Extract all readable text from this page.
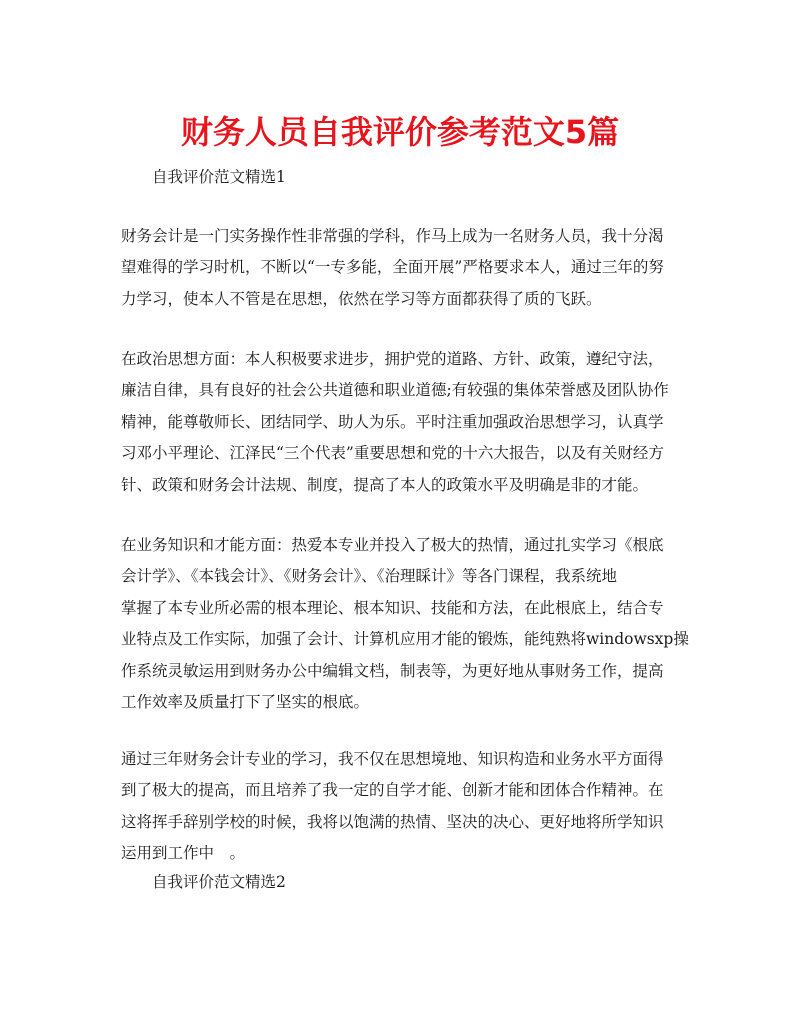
财务人员自我评价参考范文5篇
自我评价范文精选1
财务会计是一门实务操作性非常强的学科，作马上成为一名财务人员，我十分渴
望难得的学习时机，不断以“一专多能，全面开展”严格要求本人，通过三年的努
力学习，使本人不管是在思想，依然在学习等方面都获得了质的飞跃。
在政治思想方面：本人积极要求进步，拥护党的道路、方针、政策，遵纪守法，
廉洁自律，具有良好的社会公共道德和职业道德;有较强的集体荣誉感及团队协作
精神，能尊敬师长、团结同学、助人为乐。平时注重加强政治思想学习，认真学
习邓小平理论、江泽民“三个代表”重要思想和党的十六大报告，以及有关财经方
针、政策和财务会计法规、制度，提高了本人的政策水平及明确是非的才能。
在业务知识和才能方面：热爱本专业并投入了极大的热情，通过扎实学习《根底
会计学》、《本钱会计》、《财务会计》、《治理睬计》等各门课程，我系统地
掌握了本专业所必需的根本理论、根本知识、技能和方法，在此根底上，结合专
业特点及工作实际，加强了会计、计算机应用才能的锻炼，能纯熟将windowsxp操
作系统灵敏运用到财务办公中编辑文档，制表等，为更好地从事财务工作，提高
工作效率及质量打下了坚实的根底。
通过三年财务会计专业的学习，我不仅在思想境地、知识构造和业务水平方面得
到了极大的提高，而且培养了我一定的自学才能、创新才能和团体合作精神。在
这将挥手辞别学校的时候，我将以饱满的热情、坚决的决心、更好地将所学知识
运用到工作中　。
自我评价范文精选2
